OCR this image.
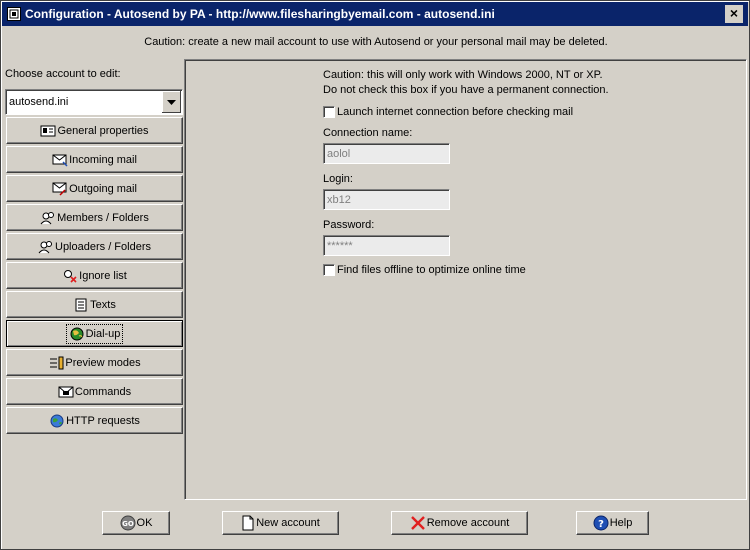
Configuration - Autosend by PA - http://www.filesharingbyemail.com - autosend.ini	×
Caution: create a new mail account to use with Autosend or your personal mail may be deleted.
Choose account to edit:
autosend.ini
General properties
Incoming mail
Outgoing mail
Members / Folders
Uploaders / Folders
Ignore list
Texts
Dial-up
Preview modes
Commands
HTTP requests
Caution: this will only work with Windows 2000, NT or XP.
Do not check this box if you have a permanent connection.
Launch internet connection before checking mail
Connection name:
aolol
Login:
xb12
Password:
******
Find files offline to optimize online time
GO OK	New account	Remove account	? Help
